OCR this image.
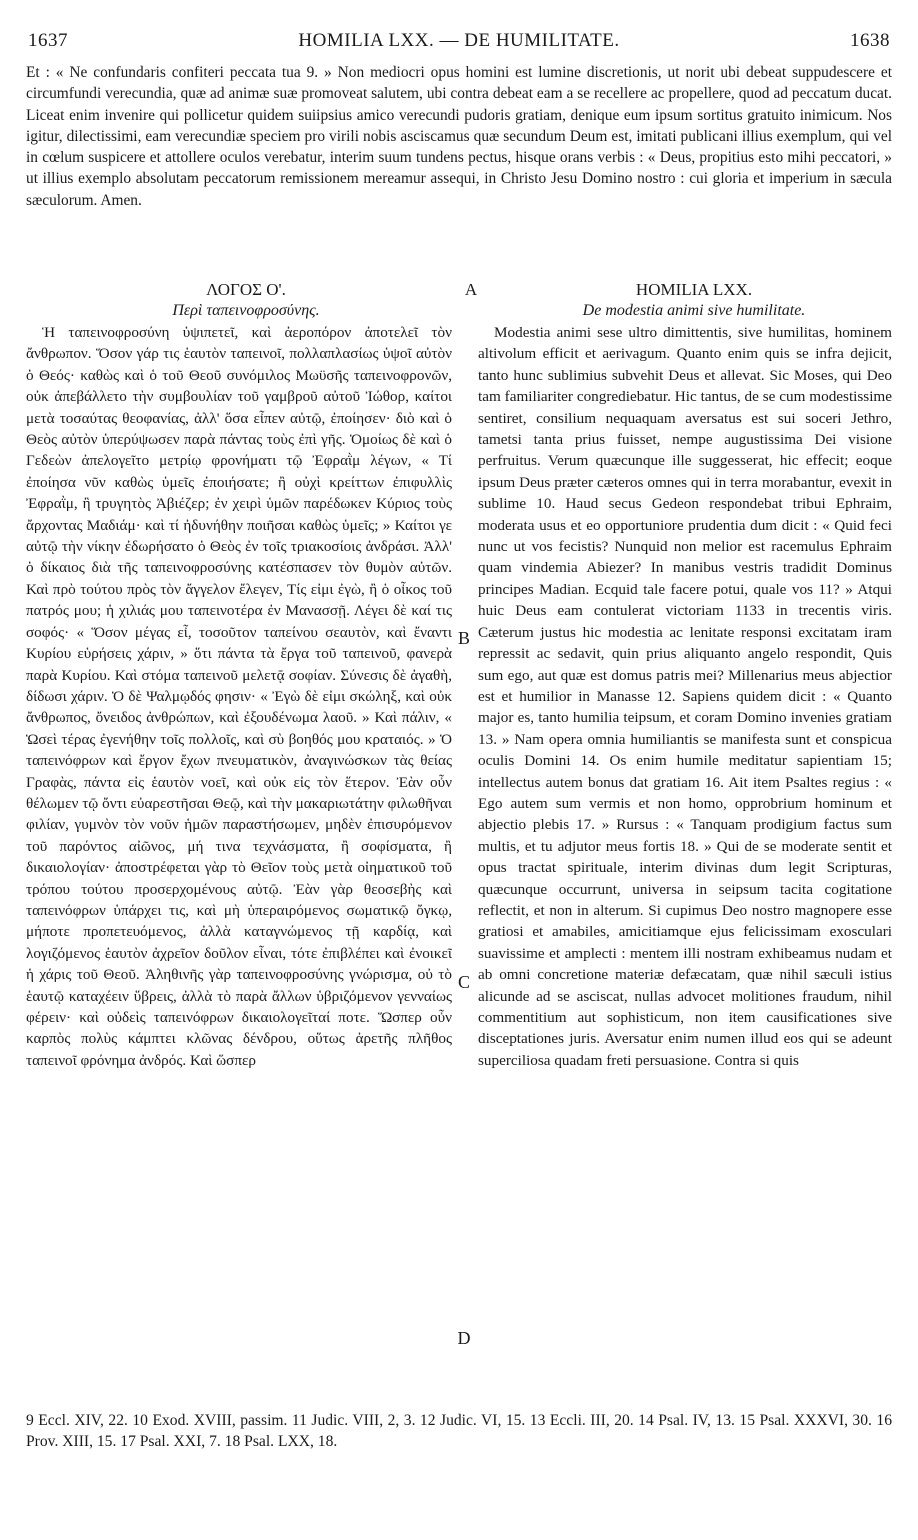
1637	HOMILIA LXX. — DE HUMILITATE.	1638
Et : « Ne confundaris confiteri peccata tua 9. » Non mediocri opus homini est lumine discretionis, ut norit ubi debeat suppudescere et circumfundi verecundia, quæ ad animæ suæ promoveat salutem, ubi contra debeat eam a se recellere ac propellere, quod ad peccatum ducat. Liceat enim invenire qui pollicetur quidem suiipsius amico verecundi pudoris gratiam, denique eum ipsum sortitus gratuito inimicum. Nos igitur, dilectissimi, eam verecundiæ speciem pro virili nobis asciscamus quæ secundum Deum est, imitati publicani illius exemplum, qui vel in cœlum suspicere et attollere oculos verebatur, interim suum tundens pectus, hisque orans verbis : « Deus, propitius esto mihi peccatori, » ut illius exemplo absolutam peccatorum remissionem mereamur assequi, in Christo Jesu Domino nostro : cui gloria et imperium in sæcula sæculorum. Amen.
ΛΟΓΟΣ Ο'.	A	HOMILIA LXX.
Περὶ ταπεινοφροσύνης.	De modestia animi sive humilitate.

Ἡ ταπεινοφροσύνη ὑψιπετεῖ, καὶ ἀεροπόρον ἀποτελεῖ τὸν ἄνθρωπον. Ὅσον γάρ τις ἑαυτὸν ταπεινοῖ, πολλαπλασίως ὑψοῖ αὐτὸν ὁ Θεός· καθὼς καὶ ὁ τοῦ Θεοῦ συνόμιλος Μωϋσῆς ταπεινοφρονῶν, οὐκ ἀπεβάλλετο τὴν συμβουλίαν τοῦ γαμβροῦ αὐτοῦ Ἰώθορ, καίτοι μετὰ τοσαύτας θεοφανίας, ἀλλ' ὅσα εἶπεν αὐτῷ, ἐποίησεν· διὸ καὶ ὁ Θεὸς αὐτὸν ὑπερύψωσεν παρὰ πάντας τοὺς ἐπὶ γῆς. Ὁμοίως δὲ καὶ ὁ Γεδεὼν ἀπελογεῖτο μετρίῳ φρονήματι τῷ Ἐφραῒμ λέγων, « Τί ἐποίησα νῦν καθὼς ὑμεῖς ἐποιήσατε; ἢ οὐχὶ κρείττων ἐπιφυλλὶς Ἐφραῒμ, ἢ τρυγητὸς Ἀβιέζερ; ἐν χειρὶ ὑμῶν παρέδωκεν Κύριος τοὺς ἄρχοντας Μαδιάμ· καὶ τί ἠδυνήθην ποιῆσαι καθὼς ὑμεῖς; » Καίτοι γε αὐτῷ τὴν νίκην ἐδωρήσατο ὁ Θεὸς ἐν τοῖς τριακοσίοις ἀνδράσι. Ἀλλ' ὁ δίκαιος διὰ τῆς ταπεινοφροσύνης κατέσπασεν τὸν θυμὸν αὐτῶν. Καὶ πρὸ τούτου πρὸς τὸν ἄγγελον ἔλεγεν, Τίς εἰμι ἐγὼ, ἢ ὁ οἶκος τοῦ πατρός μου; ἡ χιλιάς μου ταπεινοτέρα ἐν Μανασσῇ. Λέγει δὲ καί τις σοφός· « Ὅσον μέγας εἶ, τοσοῦτον ταπείνου σεαυτὸν, καὶ ἔναντι Κυρίου εὑρήσεις χάριν, » ὅτι πάντα τὰ ἔργα τοῦ ταπεινοῦ, φανερὰ παρὰ Κυρίου. Καὶ στόμα ταπεινοῦ μελετᾷ σοφίαν. Σύνεσις δὲ ἀγαθὴ, δίδωσι χάριν. Ὁ δὲ Ψαλμῳδός φησιν· « Ἐγὼ δὲ εἰμι σκώληξ, καὶ οὐκ ἄνθρωπος, ὄνειδος ἀνθρώπων, καὶ ἐξουδένωμα λαοῦ. » Καὶ πάλιν, « Ὡσεὶ τέρας ἐγενήθην τοῖς πολλοῖς, καὶ σὺ βοηθός μου κραταιός. » Ὁ ταπεινόφρων καὶ ἔργον ἔχων πνευματικὸν, ἀναγινώσκων τὰς θείας Γραφὰς, πάντα εἰς ἑαυτὸν νοεῖ, καὶ οὐκ εἰς τὸν ἕτερον. Ἐὰν οὖν θέλωμεν τῷ ὄντι εὐαρεστῆσαι Θεῷ, καὶ τὴν μακαριωτάτην φιλωθῆναι φιλίαν, γυμνὸν τὸν νοῦν ἡμῶν παραστήσωμεν, μηδὲν ἐπισυρόμενον τοῦ παρόντος αἰῶνος, μή τινα τεχνάσματα, ἢ σοφίσματα, ἢ δικαιολογίαν· ἀποστρέφεται γὰρ τὸ Θεῖον τοὺς μετὰ οἰηματικοῦ τοῦ τρόπου τούτου προσερχομένους αὐτῷ. Ἐὰν γὰρ θεοσεβὴς καὶ ταπεινόφρων ὑπάρχει τις, καὶ μὴ ὑπεραιρόμενος σωματικῷ ὄγκῳ, μήποτε προπετευόμενος, ἀλλὰ καταγνώμενος τῇ καρδίᾳ, καὶ λογιζόμενος ἑαυτὸν ἀχρεῖον δοῦλον εἶναι, τότε ἐπιβλέπει καὶ ἐνοικεῖ ἡ χάρις τοῦ Θεοῦ. Ἀληθινῆς γὰρ ταπεινοφροσύνης γνώρισμα, οὐ τὸ ἑαυτῷ καταχέειν ὕβρεις, ἀλλὰ τὸ παρὰ ἄλλων ὑβριζόμενον γενναίως φέρειν· καὶ οὐδεὶς ταπεινόφρων δικαιολογεῖταί ποτε. Ὥσπερ οὖν καρπὸς πολὺς κάμπτει κλῶνας δένδρου, οὕτως ἀρετῆς πλῆθος ταπεινοῖ φρόνημα ἀνδρός. Καὶ ὥσπερ

B
C
D

Modestia animi sese ultro dimittentis, sive humilitas, hominem altivolum efficit et aerivagum. Quanto enim quis se infra dejicit, tanto hunc sublimius subvehit Deus et allevat. Sic Moses, qui Deo tam familiariter congrediebatur. Hic tantus, de se cum modestissime sentiret, consilium nequaquam aversatus est sui soceri Jethro, tametsi tanta prius fuisset, nempe augustissima Dei visione perfruitus. Verum quæcunque ille suggesserat, hic effecit; eoque ipsum Deus præter cæteros omnes qui in terra morabantur, evexit in sublime 10. Haud secus Gedeon respondebat tribui Ephraim, moderata usus et eo opportuniore prudentia dum dicit : « Quid feci nunc ut vos fecistis? Nunquid non melior est racemulus Ephraim quam vindemia Abiezer? In manibus vestris tradidit Dominus principes Madian. Ecquid tale facere potui, quale vos 11? » Atqui huic Deus eam contulerat victoriam 1133 in trecentis viris. Cæterum justus hic modestia ac lenitate responsi excitatam iram repressit ac sedavit, quin prius aliquanto angelo respondit, Quis sum ego, aut quæ est domus patris mei? Millenarius meus abjectior est et humilior in Manasse 12. Sapiens quidem dicit : « Quanto major es, tanto humilia teipsum, et coram Domino invenies gratiam 13. » Nam opera omnia humiliantis se manifesta sunt et conspicua oculis Domini 14. Os enim humile meditatur sapientiam 15; intellectus autem bonus dat gratiam 16. Ait item Psaltes regius : « Ego autem sum vermis et non homo, opprobrium hominum et abjectio plebis 17. » Rursus : « Tanquam prodigium factus sum multis, et tu adjutor meus fortis 18. » Qui de se moderate sentit et opus tractat spirituale, interim divinas dum legit Scripturas, quæcunque occurrunt, universa in seipsum tacita cogitatione reflectit, et non in alterum. Si cupimus Deo nostro magnopere esse gratiosi et amabiles, amicitiamque ejus felicissimam exosculari suavissime et amplecti : mentem illi nostram exhibeamus nudam et ab omni concretione materiæ defæcatam, quæ nihil sæculi istius alicunde ad se asciscat, nullas advocet molitiones fraudum, nihil commentitium aut sophisticum, non item causificationes sive disceptationes juris. Aversatur enim numen illud eos qui se adeunt superciliosa quadam freti persuasione. Contra si quis

9 Eccl. XIV, 22. 10 Exod. XVIII, passim. 11 Judic. VIII, 2, 3. 12 Judic. VI, 15. 13 Eccli. III, 20. 14 Psal. IV, 13. 15 Psal. XXXVI, 30. 16 Prov. XIII, 15. 17 Psal. XXI, 7. 18 Psal. LXX, 18.
